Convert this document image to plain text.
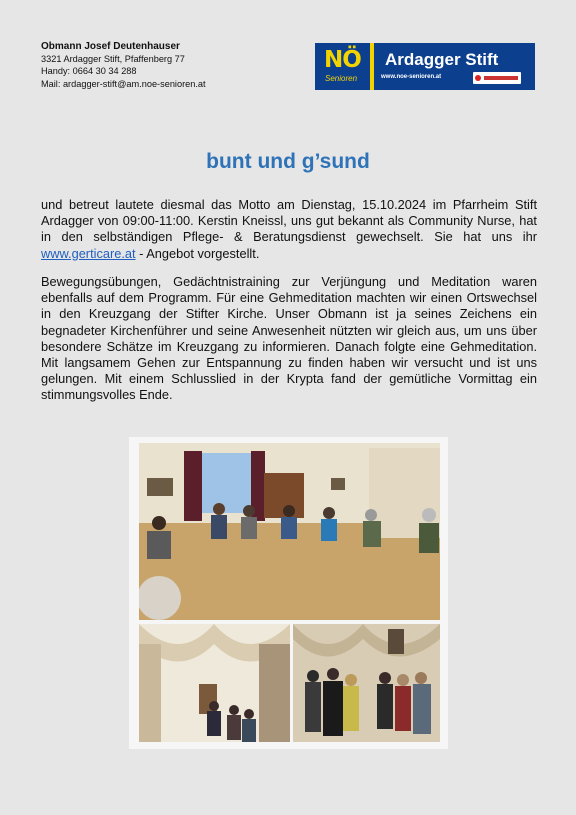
Obmann Josef Deutenhauser
3321 Ardagger Stift, Pfaffenberg 77
Handy: 0664 30 34 288
Mail: ardagger-stift@am.noe-senioren.at
NÖ
Senioren
Ardagger Stift
www.noe-senioren.at
bunt und g’sund
und betreut lautete diesmal das Motto am Dienstag, 15.10.2024 im Pfarrheim Stift Ardagger von 09:00-11:00. Kerstin Kneissl, uns gut bekannt als Community Nurse, hat in den selbständigen Pflege- & Beratungsdienst gewechselt. Sie hat uns ihr www.gerticare.at - Angebot vorgestellt.
Bewegungsübungen, Gedächtnistraining zur Verjüngung und Meditation waren ebenfalls auf dem Programm. Für eine Gehmeditation machten wir einen Ortswechsel in den Kreuzgang der Stifter Kirche. Unser Obmann ist ja seines Zeichens ein begnadeter Kirchenführer und seine Anwesenheit nützten wir gleich aus, um uns über besondere Schätze im Kreuzgang zu informieren. Danach folgte eine Gehmeditation. Mit langsamem Gehen zur Entspannung zu finden haben wir versucht und ist uns gelungen. Mit einem Schlusslied in der Krypta fand der gemütliche Vormittag ein stimmungsvolles Ende.
